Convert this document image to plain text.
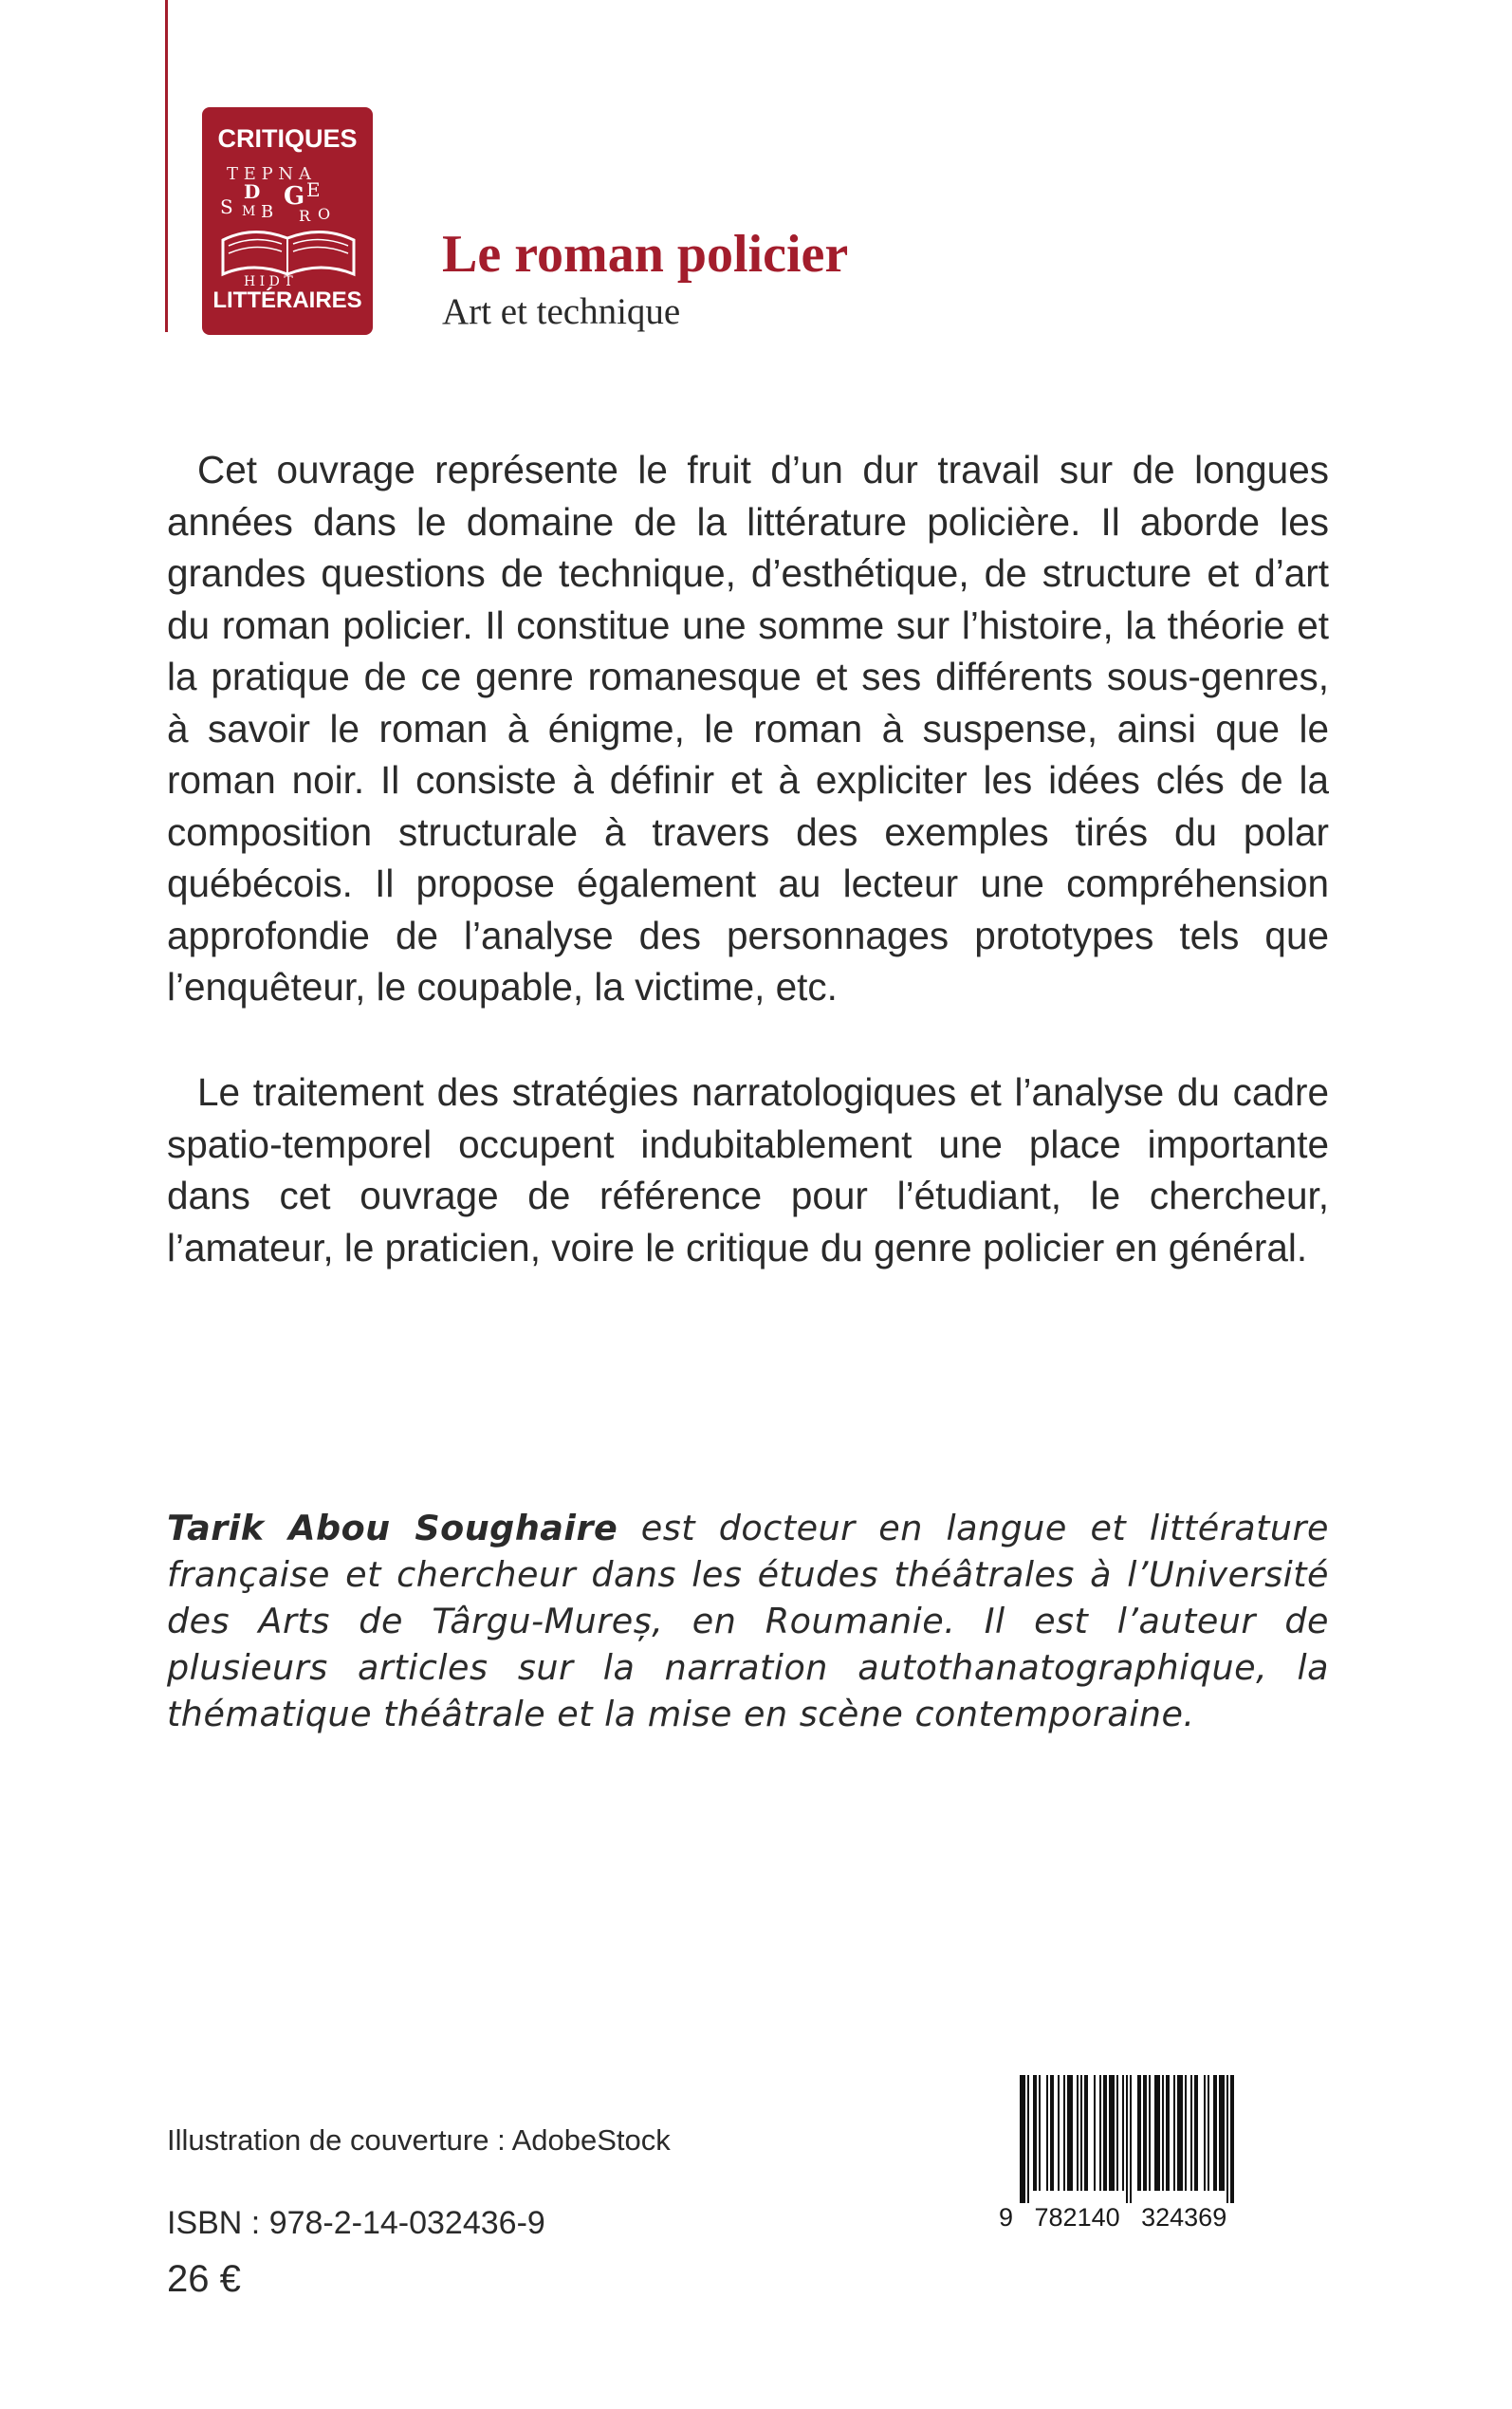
CRITIQUES
T E P N A
D
S M B
G E
R O
H I D T
LITTÉRAIRES
Le roman policier
Art et technique

Cet ouvrage représente le fruit d’un dur travail sur de longues années dans le domaine de la littérature policière. Il aborde les grandes questions de technique, d’esthétique, de structure et d’art du roman policier. Il constitue une somme sur l’histoire, la théorie et la pratique de ce genre romanesque et ses différents sous-genres, à savoir le roman à énigme, le roman à suspense, ainsi que le roman noir. Il consiste à définir et à expliciter les idées clés de la composition structurale à travers des exemples tirés du polar québécois. Il propose également au lecteur une compréhension approfondie de l’analyse des personnages prototypes tels que l’enquêteur, le coupable, la victime, etc.

Le traitement des stratégies narratologiques et l’analyse du cadre spatio-temporel occupent indubitablement une place importante dans cet ouvrage de référence pour l’étudiant, le chercheur, l’amateur, le praticien, voire le critique du genre policier en général.

Tarik Abou Soughaire est docteur en langue et littérature française et chercheur dans les études théâtrales à l’Université des Arts de Târgu-Mureș, en Roumanie. Il est l’auteur de plusieurs articles sur la narration autothanatographique, la thématique théâtrale et la mise en scène contemporaine.

Illustration de couverture : AdobeStock
ISBN : 978-2-14-032436-9
26 €
9   782140   324369
